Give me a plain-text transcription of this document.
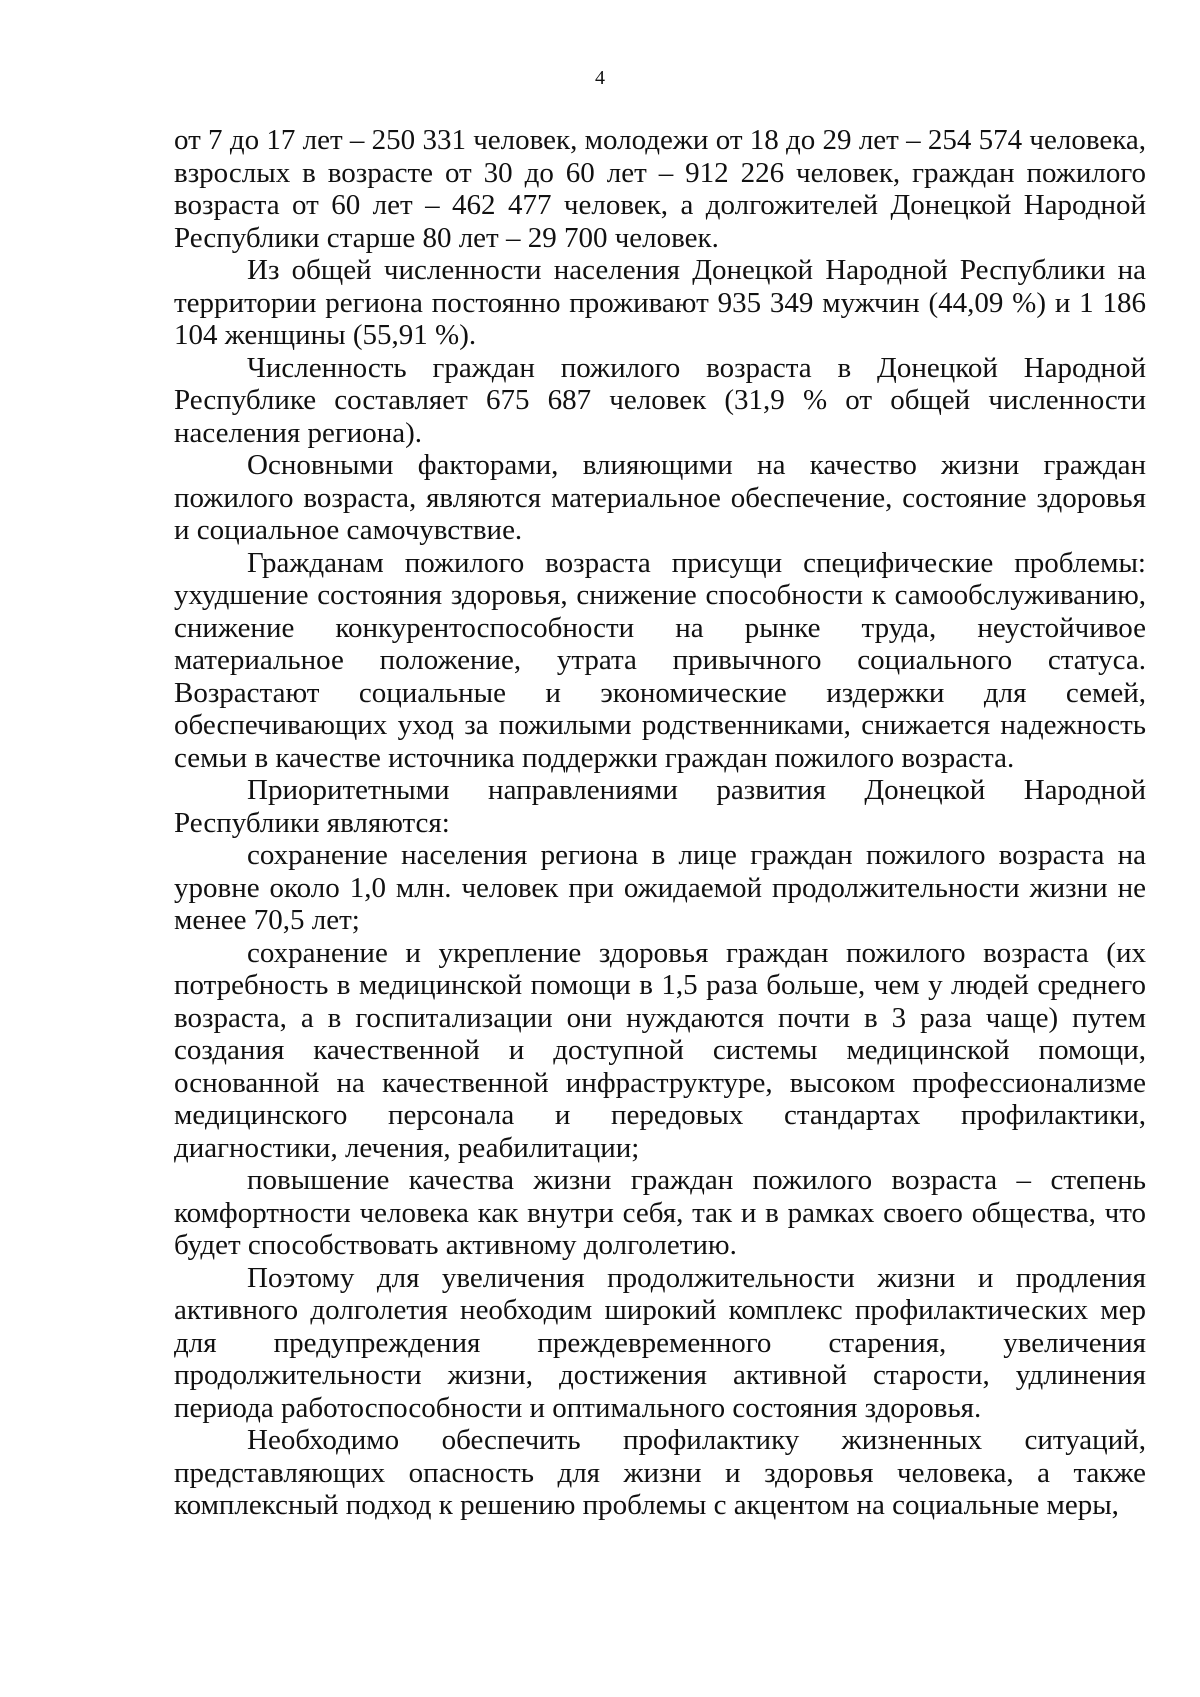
4

от 7 до 17 лет – 250 331 человек, молодежи от 18 до 29 лет – 254 574 человека, взрослых в возрасте от 30 до 60 лет – 912 226 человек, граждан пожилого возраста от 60 лет – 462 477 человек, а долгожителей Донецкой Народной Республики старше 80 лет – 29 700 человек.

Из общей численности населения Донецкой Народной Республики на территории региона постоянно проживают 935 349 мужчин (44,09 %) и 1 186 104 женщины (55,91 %).

Численность граждан пожилого возраста в Донецкой Народной Республике составляет 675 687 человек (31,9 % от общей численности населения региона).

Основными факторами, влияющими на качество жизни граждан пожилого возраста, являются материальное обеспечение, состояние здоровья и социальное самочувствие.

Гражданам пожилого возраста присущи специфические проблемы: ухудшение состояния здоровья, снижение способности к самообслуживанию, снижение конкурентоспособности на рынке труда, неустойчивое материальное положение, утрата привычного социального статуса. Возрастают социальные и экономические издержки для семей, обеспечивающих уход за пожилыми родственниками, снижается надежность семьи в качестве источника поддержки граждан пожилого возраста.

Приоритетными направлениями развития Донецкой Народной Республики являются:

сохранение населения региона в лице граждан пожилого возраста на уровне около 1,0 млн. человек при ожидаемой продолжительности жизни не менее 70,5 лет;

сохранение и укрепление здоровья граждан пожилого возраста (их потребность в медицинской помощи в 1,5 раза больше, чем у людей среднего возраста, а в госпитализации они нуждаются почти в 3 раза чаще) путем создания качественной и доступной системы медицинской помощи, основанной на качественной инфраструктуре, высоком профессионализме медицинского персонала и передовых стандартах профилактики, диагностики, лечения, реабилитации;

повышение качества жизни граждан пожилого возраста – степень комфортности человека как внутри себя, так и в рамках своего общества, что будет способствовать активному долголетию.

Поэтому для увеличения продолжительности жизни и продления активного долголетия необходим широкий комплекс профилактических мер для предупреждения преждевременного старения, увеличения продолжительности жизни, достижения активной старости, удлинения периода работоспособности и оптимального состояния здоровья.

Необходимо обеспечить профилактику жизненных ситуаций, представляющих опасность для жизни и здоровья человека, а также комплексный подход к решению проблемы с акцентом на социальные меры,
